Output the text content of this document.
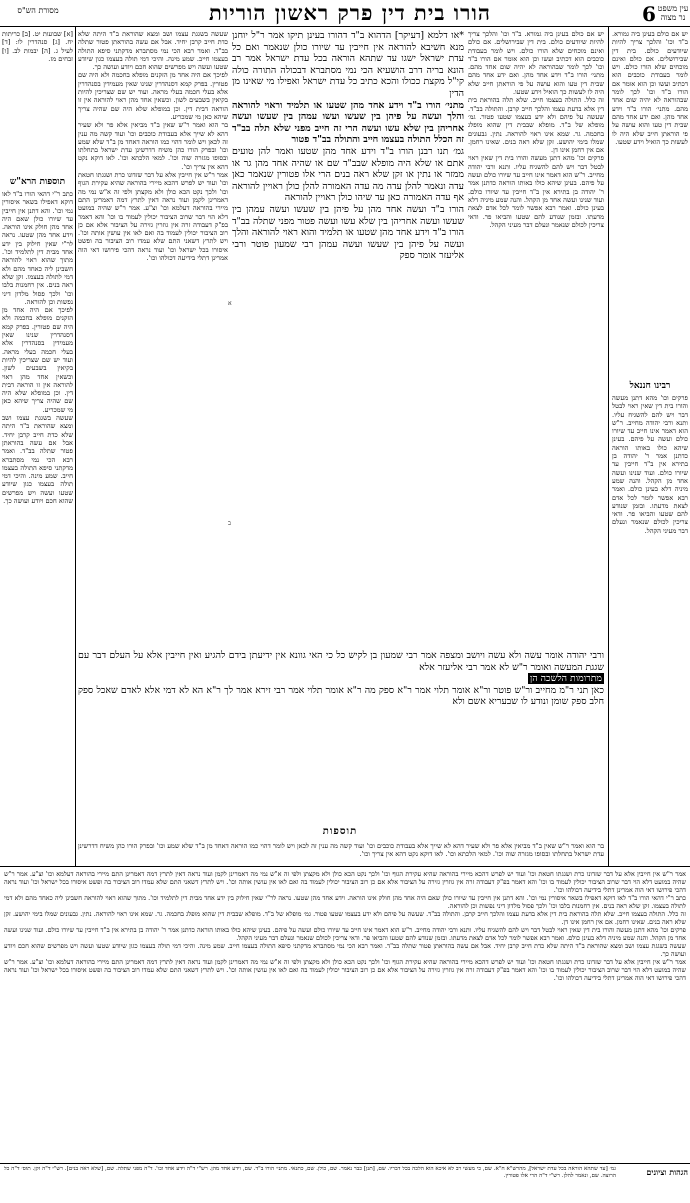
6
הורו בית דין פרק ראשון הוריות	עין משפט נר מצוה
מסורת הש"ס

יש אם כולם בעינן ביה גמורא. ב"ד וכו' והלכך צריך להיות שיודעים כולם. בית דין שבירושלים. אם כולם ואינם מוכחים שלא הורו כולם. ויש לומר בעבודת כוכבים הוא דכתיב ועשו וכן הוא אומר אם הורו ב"ד וכו' לכך לומר שבהוראה לא יהיה שום אחד מהם. מתני׳ הורו ב"ד וידע אחד מהן. ואם ידע אחד מהם שבית דין טעו והוא עושה על פי הוראתן חייב שלא היה לו לעשות כך הואיל וידע שטעו.

רבינו חננאל

פרקים וכו' מהא דתנן מעשה והורו בית דין שאין ראוי לבטל דבר ויש להם להשגיח עליו. ותנא ורבי יהודה מחייב. ר"ש הוא דאמר אינו חייב עד שיורו כולם ועשה על פיהם. בעינן שיהא כולו באותו הוראה כדתנן אמר ר' יהודה בן בתירא אין ב"ד חייבין עד שיורו כולם. ועוד שנינו ועשה אחד מן הקהל. והנה שמע מיניה דלא בעינן כולם. ואמר רבא אפשר לומר לכל אדם לצאת מדעתו. ובזמן שנודע להם שטעו והביאו פר. ודאי צריכין לכולם שנאמר ונעלם דבר מעיני הקהל.

יש אם כולם בעינן ביה גמורא. ב"ד וכו' והלכך צריך להיות שיודעים כולם. בית דין שבירושלים. אם כולם ואינם מוכחים שלא הורו כולם. ויש לומר בעבודת כוכבים הוא דכתיב ועשו וכן הוא אומר אם הורו ב"ד וכו' לכך לומר שבהוראה לא יהיה שום אחד מהם. מתני׳ הורו ב"ד וידע אחד מהן. ואם ידע אחד מהם שבית דין טעו והוא עושה על פי הוראתן חייב שלא היה לו לעשות כך הואיל וידע שטעו.

זה כלל. התולה בעצמו חייב. שלא תלה בהוראת בית דין אלא בדעת עצמו והלכך חייב קרבן. והתולה בב"ד. שעשה על פיהם ולא ידע בעצמו שטעו פטור. גמ׳ מופלא של ב"ד. מופלא שבבית דין שהוא מופלג בחכמה. גר. שמא אינו ראוי להוראה. נתין. גבעונים שמלו בימי יהושע. זקן שלא ראה בנים. שאינו רחמן. אם אין רחמן אינו דן.

פרקים וכו' מהא דתנן מעשה והורו בית דין שאין ראוי לבטל דבר ויש להם להשגיח עליו. ותנא ורבי יהודה מחייב. ר"ש הוא דאמר אינו חייב עד שיורו כולם ועשה על פיהם. בעינן שיהא כולו באותו הוראה כדתנן אמר ר' יהודה בן בתירא אין ב"ד חייבין עד שיורו כולם. ועוד שנינו ועשה אחד מן הקהל. והנה שמע מיניה דלא בעינן כולם. ואמר רבא אפשר לומר לכל אדם לצאת מדעתו. ובזמן שנודע להם שטעו והביאו פר. ודאי צריכין לכולם שנאמר ונעלם דבר מעיני הקהל.

*או דלמא [דעיקר] הדהוא ב"ד דהורו בעינן תיקו אמר ר"ל יוחנן מנא חשיבא להוראה אין חייבין עד שיורו כולן שנאמר ואם כל עדת ישראל ישגו עד שתהא הוראה בכל עדת ישראל אמר רב הונא בריה דרב הושעיא הכי נמי מסתברא דבכולה התורה כולה קי"ל מקצת ככולו והכא כתיב כל עדת ישראל ואפילו מי שאינו מן הדין

מתני׳ הורו ב"ד וידע אחד מהן שטעו או תלמיד וראוי להוראה והלך ועשה על פיהן בין שעשו ועשו עמהן בין שעשו ועשה אחריהן בין שלא עשו ועשה הרי זה חייב מפני שלא תלה בב"ד זה הכלל התולה בעצמו חייב והתולה בב"ד פטור

גמ׳ תנו רבנן הורו ב"ד וידע אחד מהן שטעו ואמר להן טועים אתם או שלא היה מופלא שבב"ד שם או שהיה אחד מהן גר או ממזר או נתין או זקן שלא ראה בנים הרי אלו פטורין שנאמר כאן עדה ונאמר להלן עדה מה עדה האמורה להלן כולן ראויין להוראה אף עדה האמורה כאן עד שיהו כולן ראויין להוראה

הורו ב"ד ועשה אחד מהן על פיהן בין שעשו ועשה עמהן בין שעשו ועשה אחריהן בין שלא עשו ועשה פטור מפני שתלה בב"ד הורו ב"ד וידע אחד מהן שטעו או תלמיד והוא ראוי להוראה והלך ועשה על פיהן בין שעשו ועשה עמהן רבי שמעון פוטר ורבי אליעזר אומר ספק

שעשה בשגגת עצמו ושב ומצא שהוראת ב"ד היתה שלא כדת חייב קרבן יחיד. אבל אם עשה בהוראתן פטור שתלה בב"ד. ואמר רבא הכי נמי מסתברא מדקתני סיפא התולה בעצמו חייב. שמע מינה. והיכי דמי תולה בעצמו כגון שיודע שטעו ועשה ויש מפרשים שהוא חכם ויודע ועושה כך.

לפיכך אם היה אחד מן הזקנים מופלא בחכמה ולא היה שם פטורין. בפרק קמא דסנהדרין שנינו שאין מעמידין בסנהדרין אלא בעלי חכמה בעלי מראה. ועוד יש שם שצריכין להיות בקיאין בשבעים לשון. וכשאין אחד מהן ראוי להוראה אין זו הוראה דבית דין. וכן במופלא שלא היה שם שהיה צריך שיהא כאן מי שמכריע.

בר הוא ואמר ר"ש שאין ב"ד מביאין אלא פר ולא שעיר דהא לא שייך אלא בעבודת כוכבים וכו' ועוד קשה מה ענין זה לכאן ויש לומר דהוי כמו הוראה דאחד מן ב"ד שלא שמע וכו' ובפרק הורו כהן משיח דדרשינן עדת ישראל בתחלתו ובסופו מגזרה שוה וכו'. למאי הלכתא וכו'. לאו דוקא נקט דהא אין צריך וכו'.

אמר ר"ש אין חייבין אלא על דבר שזדונו כרת ושגגתו חטאת וכו' ועוד יש לפרש דהכא מיירי בהוראה שהיא עקירת הגוף וכו' ולכך נקט הכא כולן ולא מקצתן ולפי זה א"ש נמי מה דאמרינן לקמן ועוד נראה דאין לתרץ דמה דאמרינן התם מיירי בהוראה דעלמא וכו' וצ"ע. אמר ר"ש שהיה במועט דלא הוי דבר שרוב הציבור יכולין לעמוד בו וכו' והא דאמר בפ"ק דעבודה זרה אין גוזרין גזירה על הציבור אלא אם כן רוב הציבור יכולין לעמוד בה ואם לאו אין עושין אותה וכו'. ויש לתרץ דשאני התם שלא עמדו רוב הציבור בה ופשט איסורו בכל ישראל וכו' ועוד נראה דהכי פירושו דאי הוה אמרינן דתלי בידיעה דכולהו וכו'.

[א] שבועות יט. [ב] כריתות יח. [ג] סנהדרין לו: [ד] לעיל ג. [ה] יבמות לב. [ו] זבחים מז.

תוספות הרא"ש

כתב ר"י דהאי הורו ב"ד לאו דוקא דאפילו בשאר איסורין נמי וכו'. והא דתנן אין חייבין עד שיורו כולן שאם היה אחד מהן חולק אינו הוראה. וידע אחד מהן שטעו. נראה לר"י שאין חילוק בין ידע אחד מבית דין לתלמיד וכו'. מתוך שהוא ראוי להוראה חשבינן ליה כאחד מהם ולא דמי לתולה בעצמו. זקן שלא ראה בנים. אין רחמנות בלבו וכו' ולכך פסול מלדון דיני נפשות וכן להוראה.

לפיכך אם היה אחד מן הזקנים מופלא בחכמה ולא היה שם פטורין. בפרק קמא דסנהדרין שנינו שאין מעמידין בסנהדרין אלא בעלי חכמה בעלי מראה. ועוד יש שם שצריכין להיות בקיאין בשבעים לשון. וכשאין אחד מהן ראוי להוראה אין זו הוראה דבית דין. וכן במופלא שלא היה שם שהיה צריך שיהא כאן מי שמכריע.

שעשה בשגגת עצמו ושב ומצא שהוראת ב"ד היתה שלא כדת חייב קרבן יחיד. אבל אם עשה בהוראתן פטור שתלה בב"ד. ואמר רבא הכי נמי מסתברא מדקתני סיפא התולה בעצמו חייב. שמע מינה. והיכי דמי תולה בעצמו כגון שיודע שטעו ועשה ויש מפרשים שהוא חכם ויודע ועושה כך.

ורבי יהודה אומר עשה ולא עשה ויושב ומצפה אמר רבי שמעון בן לקיש כל כי האי גוונא אין ידיעתן בידם להגיע ואין חייבין אלא על העלם דבר עם שגגת המעשה ואומר ר"ש לא אמר רבי אליעזר אלא

מתרומות הלשכה הן

כאן תני ר"מ מחייב ור"ש פוטר ור"א אומר תלוי אמר ר"א ספק מה ר"א אומר תלוי אמר רבי זירא אמר לך ר"א הא לא דמי אלא לאדם שאכל ספק חלב ספק שומן ונודע לו שבעריא אשם ולא

תוספות

בר הוא ואמר ר"ש שאין ב"ד מביאין אלא פר ולא שעיר דהא לא שייך אלא בעבודת כוכבים וכו' ועוד קשה מה ענין זה לכאן ויש לומר דהוי כמו הוראה דאחד מן ב"ד שלא שמע וכו' ובפרק הורו כהן משיח דדרשינן עדת ישראל בתחלתו ובסופו מגזרה שוה וכו'. למאי הלכתא וכו'. לאו דוקא נקט דהא אין צריך וכו'.

אמר ר"ש אין חייבין אלא על דבר שזדונו כרת ושגגתו חטאת וכו' ועוד יש לפרש דהכא מיירי בהוראה שהיא עקירת הגוף וכו' ולכך נקט הכא כולן ולא מקצתן ולפי זה א"ש נמי מה דאמרינן לקמן ועוד נראה דאין לתרץ דמה דאמרינן התם מיירי בהוראה דעלמא וכו' וצ"ע. אמר ר"ש שהיה במועט דלא הוי דבר שרוב הציבור יכולין לעמוד בו וכו' והא דאמר בפ"ק דעבודה זרה אין גוזרין גזירה על הציבור אלא אם כן רוב הציבור יכולין לעמוד בה ואם לאו אין עושין אותה וכו'. ויש לתרץ דשאני התם שלא עמדו רוב הציבור בה ופשט איסורו בכל ישראל וכו' ועוד נראה דהכי פירושו דאי הוה אמרינן דתלי בידיעה דכולהו וכו'.

כתב ר"י דהאי הורו ב"ד לאו דוקא דאפילו בשאר איסורין נמי וכו'. והא דתנן אין חייבין עד שיורו כולן שאם היה אחד מהן חולק אינו הוראה. וידע אחד מהן שטעו. נראה לר"י שאין חילוק בין ידע אחד מבית דין לתלמיד וכו'. מתוך שהוא ראוי להוראה חשבינן ליה כאחד מהם ולא דמי לתולה בעצמו. זקן שלא ראה בנים. אין רחמנות בלבו וכו' ולכך פסול מלדון דיני נפשות וכן להוראה.

זה כלל. התולה בעצמו חייב. שלא תלה בהוראת בית דין אלא בדעת עצמו והלכך חייב קרבן. והתולה בב"ד. שעשה על פיהם ולא ידע בעצמו שטעו פטור. גמ׳ מופלא של ב"ד. מופלא שבבית דין שהוא מופלג בחכמה. גר. שמא אינו ראוי להוראה. נתין. גבעונים שמלו בימי יהושע. זקן שלא ראה בנים. שאינו רחמן. אם אין רחמן אינו דן.

פרקים וכו' מהא דתנן מעשה והורו בית דין שאין ראוי לבטל דבר ויש להם להשגיח עליו. ותנא ורבי יהודה מחייב. ר"ש הוא דאמר אינו חייב עד שיורו כולם ועשה על פיהם. בעינן שיהא כולו באותו הוראה כדתנן אמר ר' יהודה בן בתירא אין ב"ד חייבין עד שיורו כולם. ועוד שנינו ועשה אחד מן הקהל. והנה שמע מיניה דלא בעינן כולם. ואמר רבא אפשר לומר לכל אדם לצאת מדעתו. ובזמן שנודע להם שטעו והביאו פר. ודאי צריכין לכולם שנאמר ונעלם דבר מעיני הקהל.

שעשה בשגגת עצמו ושב ומצא שהוראת ב"ד היתה שלא כדת חייב קרבן יחיד. אבל אם עשה בהוראתן פטור שתלה בב"ד. ואמר רבא הכי נמי מסתברא מדקתני סיפא התולה בעצמו חייב. שמע מינה. והיכי דמי תולה בעצמו כגון שיודע שטעו ועשה ויש מפרשים שהוא חכם ויודע ועושה כך.

אמר ר"ש אין חייבין אלא על דבר שזדונו כרת ושגגתו חטאת וכו' ועוד יש לפרש דהכא מיירי בהוראה שהיא עקירת הגוף וכו' ולכך נקט הכא כולן ולא מקצתן ולפי זה א"ש נמי מה דאמרינן לקמן ועוד נראה דאין לתרץ דמה דאמרינן התם מיירי בהוראה דעלמא וכו' וצ"ע. אמר ר"ש שהיה במועט דלא הוי דבר שרוב הציבור יכולין לעמוד בו וכו' והא דאמר בפ"ק דעבודה זרה אין גוזרין גזירה על הציבור אלא אם כן רוב הציבור יכולין לעמוד בה ואם לאו אין עושין אותה וכו'. ויש לתרץ דשאני התם שלא עמדו רוב הציבור בה ופשט איסורו בכל ישראל וכו' ועוד נראה דהכי פירושו דאי הוה אמרינן דתלי בידיעה דכולהו וכו'.

הגהות וציונים
גמ׳ [עד שתהא הוראה בכל עדת ישראל], מהרש"א ח"א. שם, כי מעשי רב לא איכא הוא הלכה בכל דבריו. שם, [תנן] כבר נאמר. שם, כולן. שם, כתנאי. מתני׳ הורו ב"ד. שם, וידע אחד מהן. רש"י ד"ה וידע אחד וכו'. ד"ה מפני שתלה. שם, [שלא ראה בנים]. רש"י ד"ה זקן. תוס׳ ד"ה כל הרוצה. שם, ונאמר להלן. רש"י ד"ה הרי אלו פטורין.
א
ב
